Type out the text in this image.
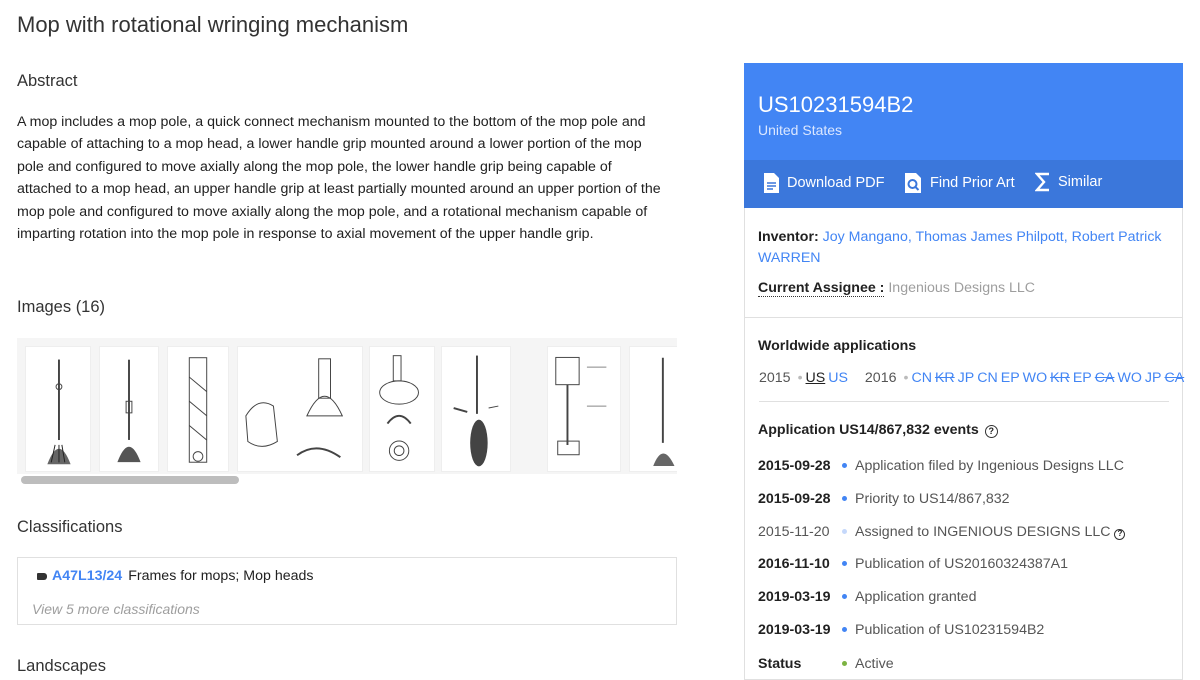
Mop with rotational wringing mechanism
Abstract
A mop includes a mop pole, a quick connect mechanism mounted to the bottom of the mop pole and capable of attaching to a mop head, a lower handle grip mounted around a lower portion of the mop pole and configured to move axially along the mop pole, the lower handle grip being capable of attached to a mop head, an upper handle grip at least partially mounted around an upper portion of the mop pole and configured to move axially along the mop pole, and a rotational mechanism capable of imparting rotation into the mop pole in response to axial movement of the upper handle grip.
Images (16)
Classifications
A47L13/24 Frames for mops; Mop heads
View 5 more classifications
Landscapes
US10231594B2
United States
Download PDF	Find Prior Art	Similar
Inventor: Joy Mangano, Thomas James Philpott, Robert Patrick
WARREN
Current Assignee : Ingenious Designs LLC
Worldwide applications
2015 • US US 2016 • CN KR JP CN EP WO KR EP CA WO JP CA
Application US14/867,832 events ?
2015-09-28 Application filed by Ingenious Designs LLC
2015-09-28 Priority to US14/867,832
2015-11-20 Assigned to INGENIOUS DESIGNS LLC ?
2016-11-10 Publication of US20160324387A1
2019-03-19 Application granted
2019-03-19 Publication of US10231594B2
Status	Active
